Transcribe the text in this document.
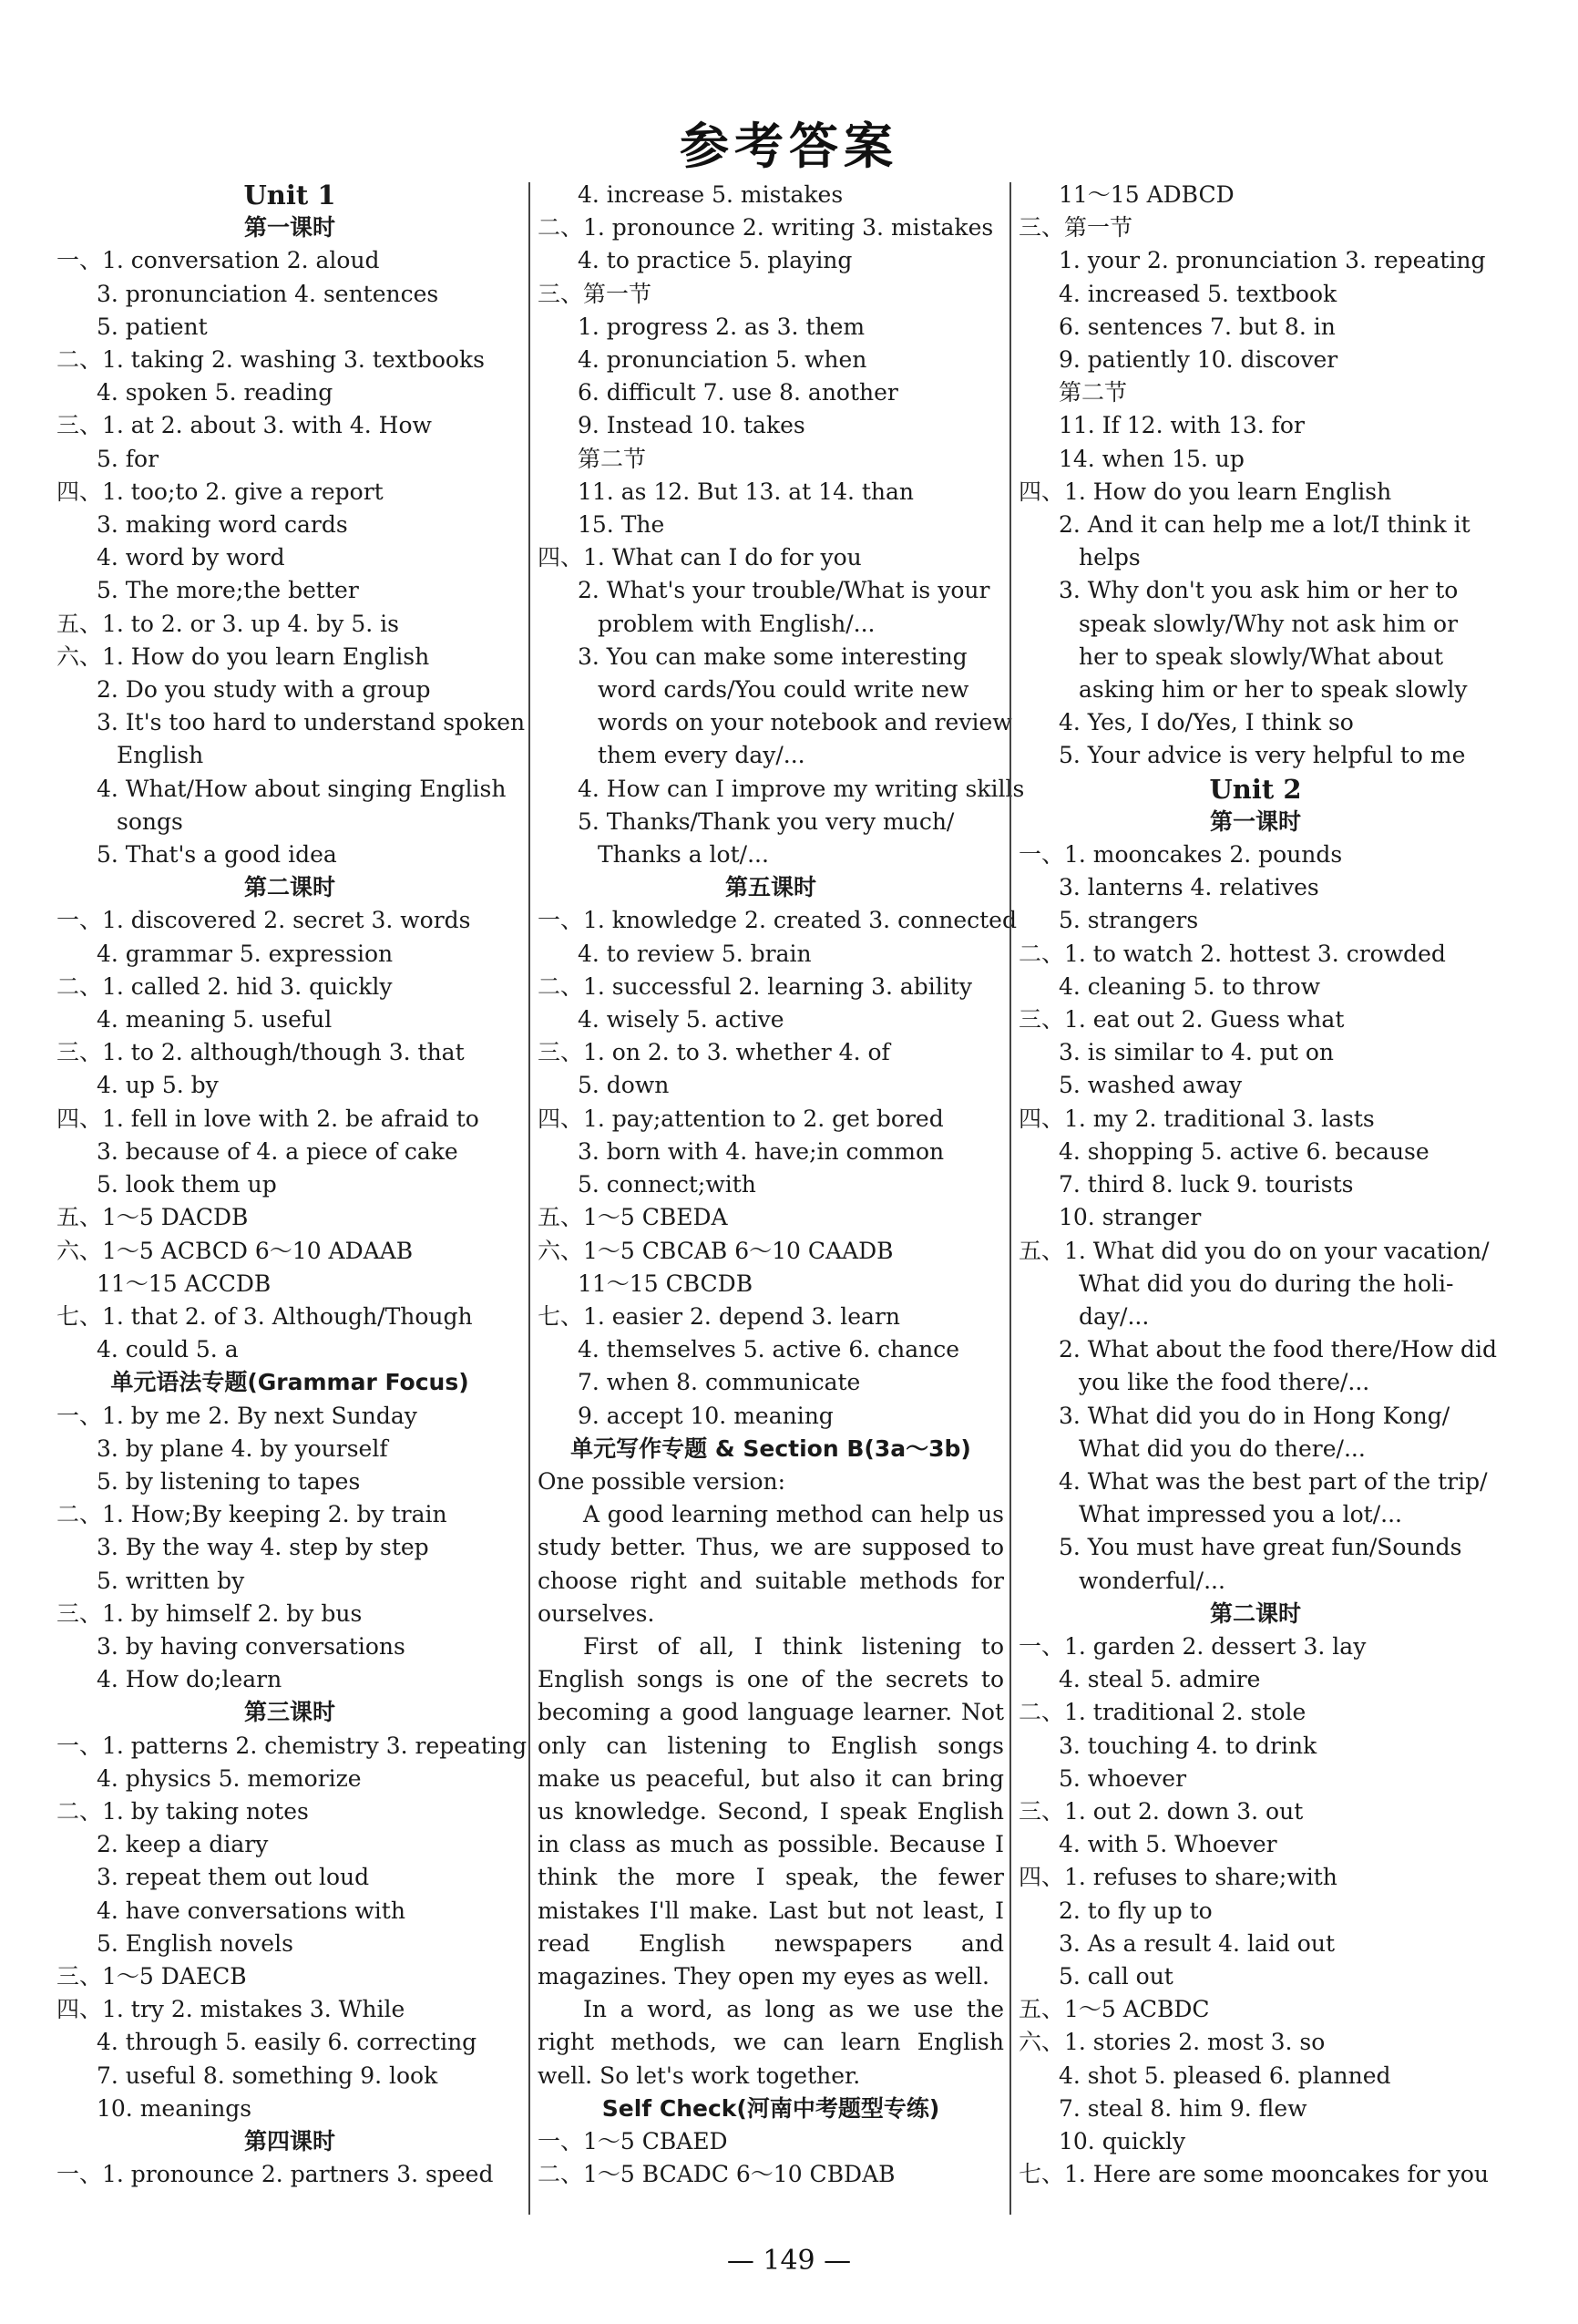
参考答案
Unit 1
第一课时
一、1. conversation 2. aloud
3. pronunciation 4. sentences
5. patient
二、1. taking 2. washing 3. textbooks
4. spoken 5. reading
三、1. at 2. about 3. with 4. How
5. for
四、1. too;to 2. give a report
3. making word cards
4. word by word
5. The more;the better
五、1. to 2. or 3. up 4. by 5. is
六、1. How do you learn English
2. Do you study with a group
3. It's too hard to understand spoken
English
4. What/How about singing English
songs
5. That's a good idea
第二课时
一、1. discovered 2. secret 3. words
4. grammar 5. expression
二、1. called 2. hid 3. quickly
4. meaning 5. useful
三、1. to 2. although/though 3. that
4. up 5. by
四、1. fell in love with 2. be afraid to
3. because of 4. a piece of cake
5. look them up
五、1～5 DACDB
六、1～5 ACBCD 6～10 ADAAB
11～15 ACCDB
七、1. that 2. of 3. Although/Though
4. could 5. a
单元语法专题(Grammar Focus)
一、1. by me 2. By next Sunday
3. by plane 4. by yourself
5. by listening to tapes
二、1. How;By keeping 2. by train
3. By the way 4. step by step
5. written by
三、1. by himself 2. by bus
3. by having conversations
4. How do;learn
第三课时
一、1. patterns 2. chemistry 3. repeating
4. physics 5. memorize
二、1. by taking notes
2. keep a diary
3. repeat them out loud
4. have conversations with
5. English novels
三、1～5 DAECB
四、1. try 2. mistakes 3. While
4. through 5. easily 6. correcting
7. useful 8. something 9. look
10. meanings
第四课时
一、1. pronounce 2. partners 3. speed
4. increase 5. mistakes
二、1. pronounce 2. writing 3. mistakes
4. to practice 5. playing
三、第一节
1. progress 2. as 3. them
4. pronunciation 5. when
6. difficult 7. use 8. another
9. Instead 10. takes
第二节
11. as 12. But 13. at 14. than
15. The
四、1. What can I do for you
2. What's your trouble/What is your
problem with English/...
3. You can make some interesting
word cards/You could write new
words on your notebook and review
them every day/...
4. How can I improve my writing skills
5. Thanks/Thank you very much/
Thanks a lot/...
第五课时
一、1. knowledge 2. created 3. connected
4. to review 5. brain
二、1. successful 2. learning 3. ability
4. wisely 5. active
三、1. on 2. to 3. whether 4. of
5. down
四、1. pay;attention to 2. get bored
3. born with 4. have;in common
5. connect;with
五、1～5 CBEDA
六、1～5 CBCAB 6～10 CAADB
11～15 CBCDB
七、1. easier 2. depend 3. learn
4. themselves 5. active 6. chance
7. when 8. communicate
9. accept 10. meaning
单元写作专题 & Section B(3a～3b)
One possible version:
A good learning method can help us study better. Thus, we are supposed to choose right and suitable methods for ourselves.
First of all, I think listening to English songs is one of the secrets to becoming a good language learner. Not only can listening to English songs make us peaceful, but also it can bring us knowledge. Second, I speak English in class as much as possible. Because I think the more I speak, the fewer mistakes I'll make. Last but not least, I read English newspapers and magazines. They open my eyes as well.
In a word, as long as we use the right methods, we can learn English well. So let's work together.
Self Check(河南中考题型专练)
一、1～5 CBAED
二、1～5 BCADC 6～10 CBDAB
11～15 ADBCD
三、第一节
1. your 2. pronunciation 3. repeating
4. increased 5. textbook
6. sentences 7. but 8. in
9. patiently 10. discover
第二节
11. If 12. with 13. for
14. when 15. up
四、1. How do you learn English
2. And it can help me a lot/I think it
helps
3. Why don't you ask him or her to
speak slowly/Why not ask him or
her to speak slowly/What about
asking him or her to speak slowly
4. Yes, I do/Yes, I think so
5. Your advice is very helpful to me
Unit 2
第一课时
一、1. mooncakes 2. pounds
3. lanterns 4. relatives
5. strangers
二、1. to watch 2. hottest 3. crowded
4. cleaning 5. to throw
三、1. eat out 2. Guess what
3. is similar to 4. put on
5. washed away
四、1. my 2. traditional 3. lasts
4. shopping 5. active 6. because
7. third 8. luck 9. tourists
10. stranger
五、1. What did you do on your vacation/
What did you do during the holi-
day/...
2. What about the food there/How did
you like the food there/...
3. What did you do in Hong Kong/
What did you do there/...
4. What was the best part of the trip/
What impressed you a lot/...
5. You must have great fun/Sounds
wonderful/...
第二课时
一、1. garden 2. dessert 3. lay
4. steal 5. admire
二、1. traditional 2. stole
3. touching 4. to drink
5. whoever
三、1. out 2. down 3. out
4. with 5. Whoever
四、1. refuses to share;with
2. to fly up to
3. As a result 4. laid out
5. call out
五、1～5 ACBDC
六、1. stories 2. most 3. so
4. shot 5. pleased 6. planned
7. steal 8. him 9. flew
10. quickly
七、1. Here are some mooncakes for you
— 149 —
